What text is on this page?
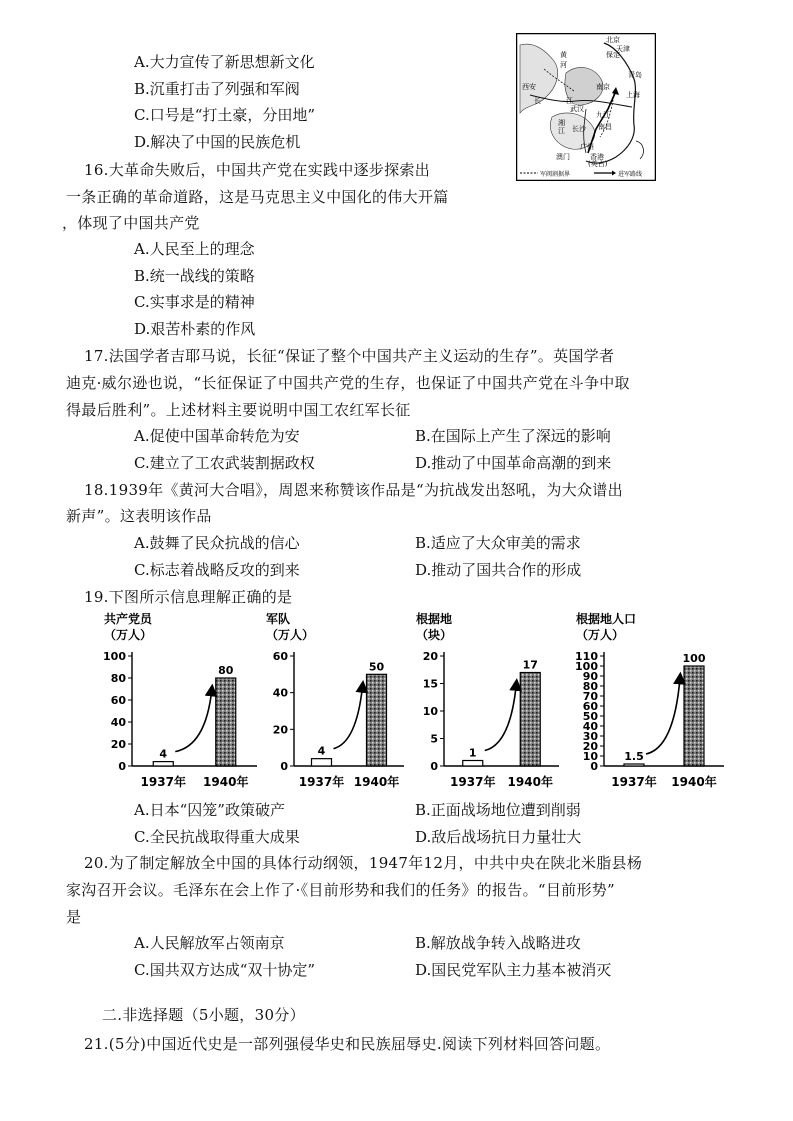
A.大力宣传了新思想新文化
B.沉重打击了列强和军阀
C.口号是“打土豪，分田地”
D.解决了中国的民族危机
北京
天津
保定
黄
河
青岛
西安
长	江
武汉
南京
上海
九江
南昌
湘
江 长沙
广州
澳门	香港
(英占)
军阀割据界	进军路线
16.大革命失败后，中国共产党在实践中逐步探索出
一条正确的革命道路，这是马克思主义中国化的伟大开篇
，体现了中国共产党
A.人民至上的理念
B.统一战线的策略
C.实事求是的精神
D.艰苦朴素的作风
17.法国学者吉耶马说，长征“保证了整个中国共产主义运动的生存”。英国学者
迪克·威尔逊也说，“长征保证了中国共产党的生存，也保证了中国共产党在斗争中取
得最后胜利”。上述材料主要说明中国工农红军长征
A.促使中国革命转危为安	B.在国际上产生了深远的影响
C.建立了工农武装割据政权	D.推动了中国革命高潮的到来
18.1939年《黄河大合唱》，周恩来称赞该作品是“为抗战发出怒吼，为大众谱出
新声”。这表明该作品
A.鼓舞了民众抗战的信心	B.适应了大众审美的需求
C.标志着战略反攻的到来	D.推动了国共合作的形成
19.下图所示信息理解正确的是
共产党员
（万人）
0
20
40
60
80
100
4
1937年
80
1940年
军队
（万人）
0
20
40
60
4
1937年
50
1940年
根据地
（块）
0
5
10
15
20
1
1937年
17
1940年
根据地人口
（万人）
0
10
20
30
40
50
60
70
80
90
100
110
1.5
1937年
100
1940年
A.日本“囚笼”政策破产	B.正面战场地位遭到削弱
C.全民抗战取得重大成果	D.敌后战场抗日力量壮大
20.为了制定解放全中国的具体行动纲领，1947年12月，中共中央在陕北米脂县杨
家沟召开会议。毛泽东在会上作了·《目前形势和我们的任务》的报告。“目前形势”
是
A.人民解放军占领南京	B.解放战争转入战略进攻
C.国共双方达成“双十协定”	D.国民党军队主力基本被消灭
二.非选择题（5小题，30分）
21.(5分)中国近代史是一部列强侵华史和民族屈辱史.阅读下列材料回答问题。
